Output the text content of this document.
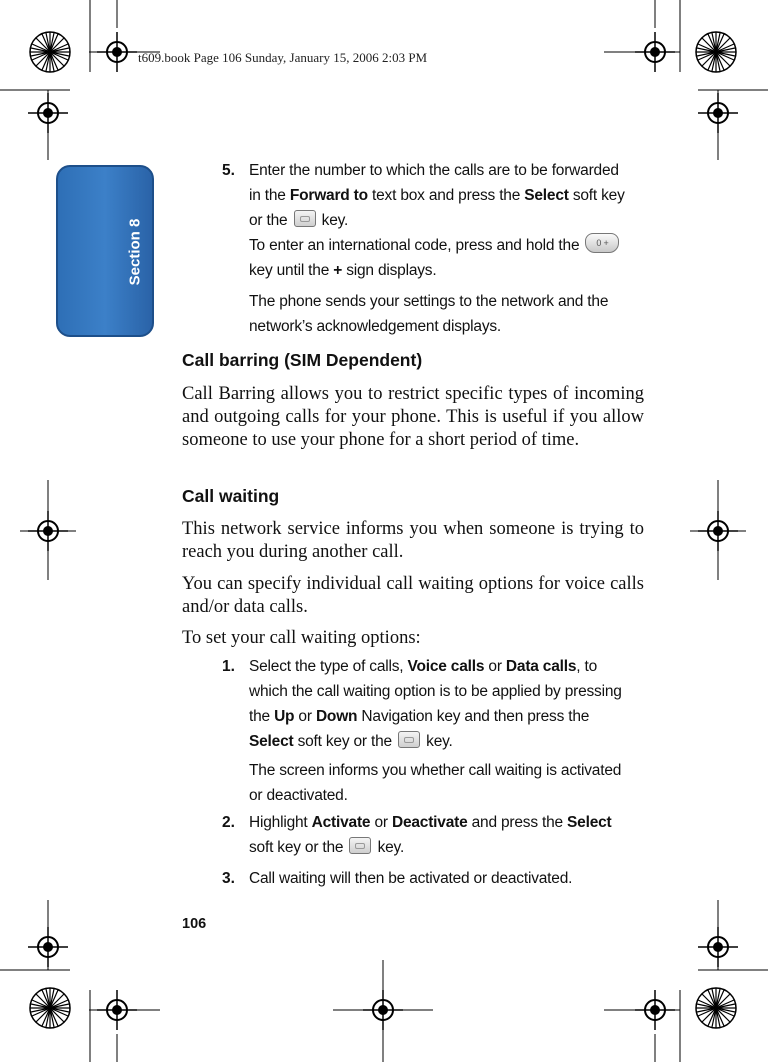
t609.book Page 106 Sunday, January 15, 2006 2:03 PM
Section 8
5. Enter the number to which the calls are to be forwarded
in the Forward to text box and press the Select soft key
or the  key.
To enter an international code, press and hold the 0 +
key until the + sign displays.
The phone sends your settings to the network and the
network’s acknowledgement displays.
Call barring (SIM Dependent)
Call Barring allows you to restrict specific types of incoming and outgoing calls for your phone. This is useful if you allow someone to use your phone for a short period of time.
Call waiting
This network service informs you when someone is trying to reach you during another call.
You can specify individual call waiting options for voice calls and/or data calls.
To set your call waiting options:
1. Select the type of calls, Voice calls or Data calls, to
which the call waiting option is to be applied by pressing
the Up or Down Navigation key and then press the
Select soft key or the  key.
The screen informs you whether call waiting is activated
or deactivated.
2. Highlight Activate or Deactivate and press the Select
soft key or the  key.
3. Call waiting will then be activated or deactivated.
106
